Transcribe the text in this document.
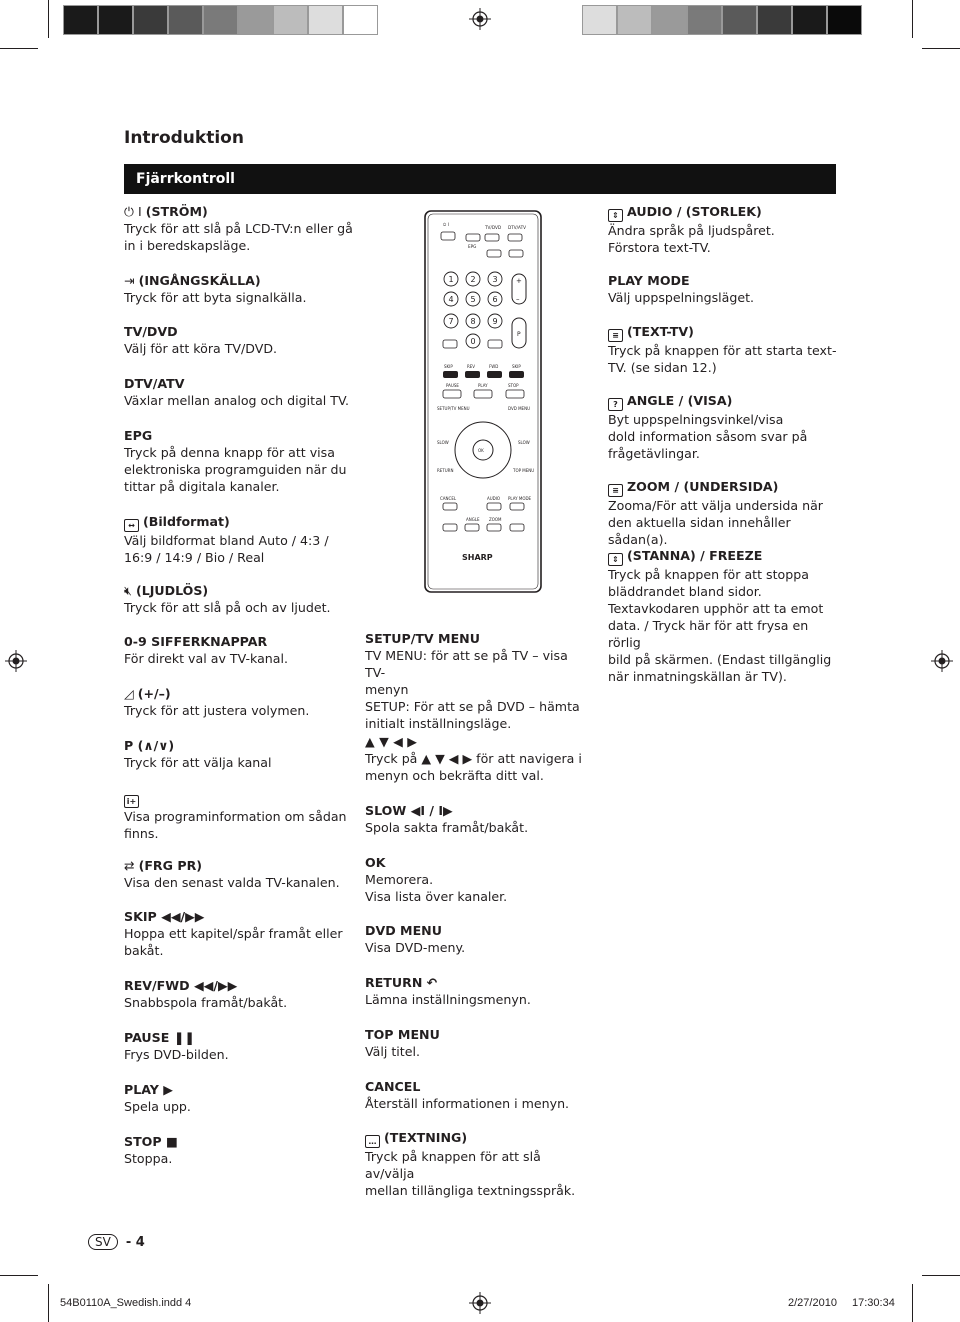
Introduktion
Fjärrkontroll
⏻ I (STRÖM)
Tryck för att slå på LCD-TV:n eller gå
in i beredskapsläge.
⇥ (INGÅNGSKÄLLA)
Tryck för att byta signalkälla.
TV/DVD
Välj för att köra TV/DVD.
DTV/ATV
Växlar mellan analog och digital TV.
EPG
Tryck på denna knapp för att visa
elektroniska programguiden när du
tittar på digitala kanaler.
↔ (Bildformat)
Välj bildformat bland Auto / 4:3 /
16:9 / 14:9 / Bio / Real
🔇︎ (LJUDLÖS)
Tryck för att slå på och av ljudet.
0-9 SIFFERKNAPPAR
För direkt val av TV-kanal.
◿ (+/–)
Tryck för att justera volymen.
P (∧/∨)
Tryck för att välja kanal
i+
Visa programinformation om sådan
finns.
⇄ (FRG PR)
Visa den senast valda TV-kanalen.
SKIP ◀◀/▶▶
Hoppa ett kapitel/spår framåt eller
bakåt.
REV/FWD ◀◀/▶▶
Snabbspola framåt/bakåt.
PAUSE ❚❚
Frys DVD-bilden.
PLAY ▶
Spela upp.
STOP ■
Stoppa.
SETUP/TV MENU
TV MENU: för att se på TV – visa TV-
menyn
SETUP: För att se på DVD – hämta
initialt inställningsläge.
▲ ▼ ◀ ▶
Tryck på ▲ ▼ ◀ ▶ för att navigera i
menyn och bekräfta ditt val.
SLOW ◀I / I▶
Spola sakta framåt/bakåt.
OK
Memorera.
Visa lista över kanaler.
DVD MENU
Visa DVD-meny.
RETURN ↶
Lämna inställningsmenyn.
TOP MENU
Välj titel.
CANCEL
Återställ informationen i menyn.
… (TEXTNING)
Tryck på knappen för att slå av/välja
mellan tillängliga textningsspråk.
⇕ AUDIO / (STORLEK)
Ändra språk på ljudspåret.
Förstora text-TV.
PLAY MODE
Välj uppspelningsläget.
≡ (TEXT-TV)
Tryck på knappen för att starta text-
TV. (se sidan 12.)
? ANGLE / (VISA)
Byt uppspelningsvinkel/visa
dold information såsom svar på
frågetävlingar.
≡ ZOOM / (UNDERSIDA)
Zooma/För att välja undersida när
den aktuella sidan innehåller sådan(a).
⇕ (STANNA) / FREEZE
Tryck på knappen för att stoppa
bläddrandet bland sidor.
Textavkodaren upphör att ta emot
data. / Tryck här för att frysa en rörlig
bild på skärmen. (Endast tillgänglig
när inmatningskällan är TV).
⏻ I
TV/DVD DTV/ATV
EPG
1 2 3
4 5 6
7 8 9
0
+
–
P
SKIP	REV	FWD	SKIP
PAUSE	PLAY	STOP
SETUP/TV MENU	DVD MENU
OK
SLOW	SLOW
RETURN	TOP MENU
CANCEL	AUDIO PLAY MODE
ANGLE ZOOM
SHARP
SV - 4
54B0110A_Swedish.indd 4	2/27/2010 17:30:34
